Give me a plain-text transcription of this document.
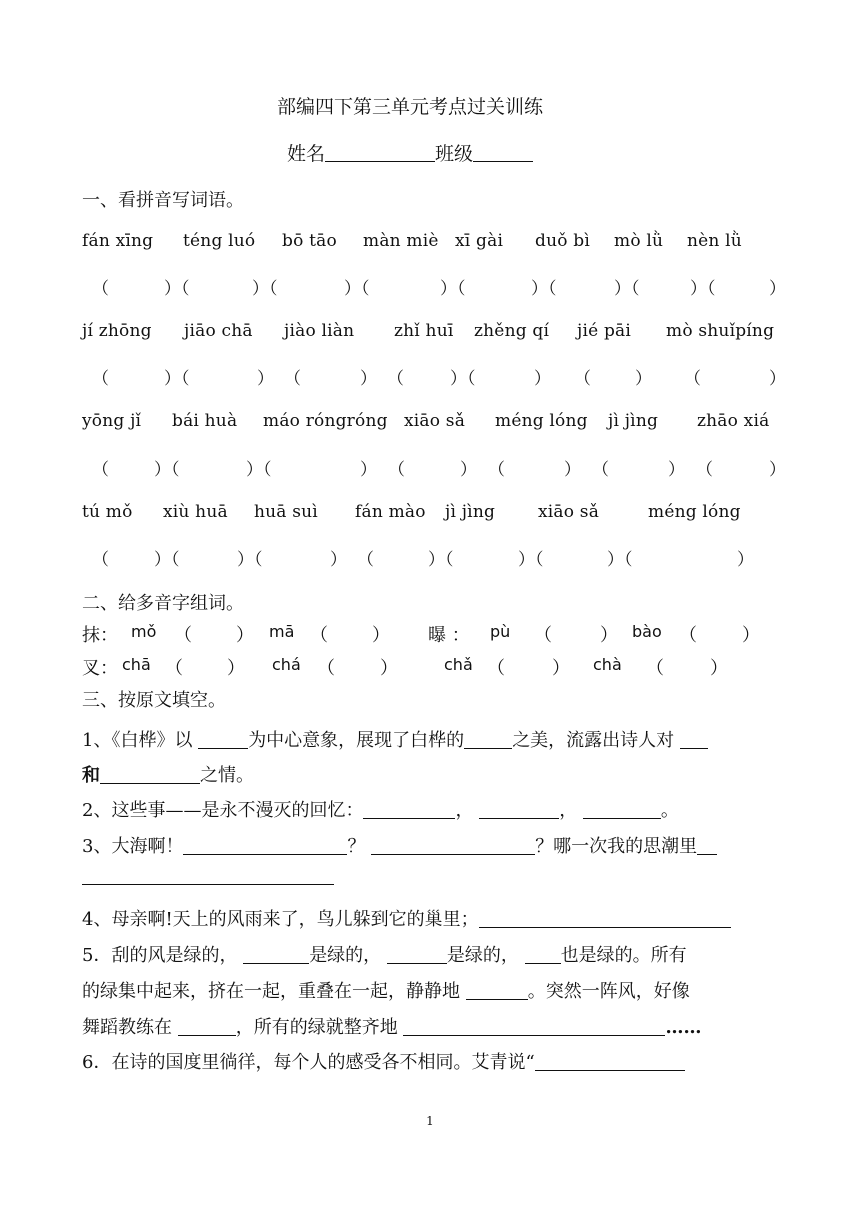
部编四下第三单元考点过关训练
姓名	班级
一、看拼音写词语。
fán xīng téng luó bō tāo màn miè xī gài duǒ bì mò lǜ nèn lǜ
（	）（	）（	）（	）（	）（	）（	）（	）
jí zhōng jiāo chā jiào liàn zhǐ huī zhěng qí jié pāi mò shuǐpíng
（	）（	） （	） （	）（	） （	） （	）
yōng jǐ bái huà máo róngróng xiāo sǎ méng lóng jì jìng zhāo xiá
（	）（	）（	） （	） （	） （	） （	）
tú mǒ xiù huā huā suì fán mào jì jìng	xiāo sǎ	méng lóng
（	）（	）（	） （	）（	）（	）（	）
二、给多音字组词。
抹： mǒ （ ） mā （ ） 曝 ： pù （	） bào （	）
叉： chā （ ） chá （	）	chǎ （	） chà （	）
三、按原文填空。
1、《白桦》以	为中心意象，展现了白桦的	之美，流露出诗人对
和	之情。
2、这些事——是永不漫灭的回忆：	，	，	。
3、大海啊！	？	？哪一次我的思潮里
4、母亲啊!天上的风雨来了，鸟儿躲到它的巢里；
5．刮的风是绿的，	是绿的，	是绿的， 也是绿的。所有
的绿集中起来，挤在一起，重叠在一起，静静地	。突然一阵风，好像
舞蹈教练在	，所有的绿就整齐地	……
6．在诗的国度里徜徉，每个人的感受各不相同。艾青说“
1
